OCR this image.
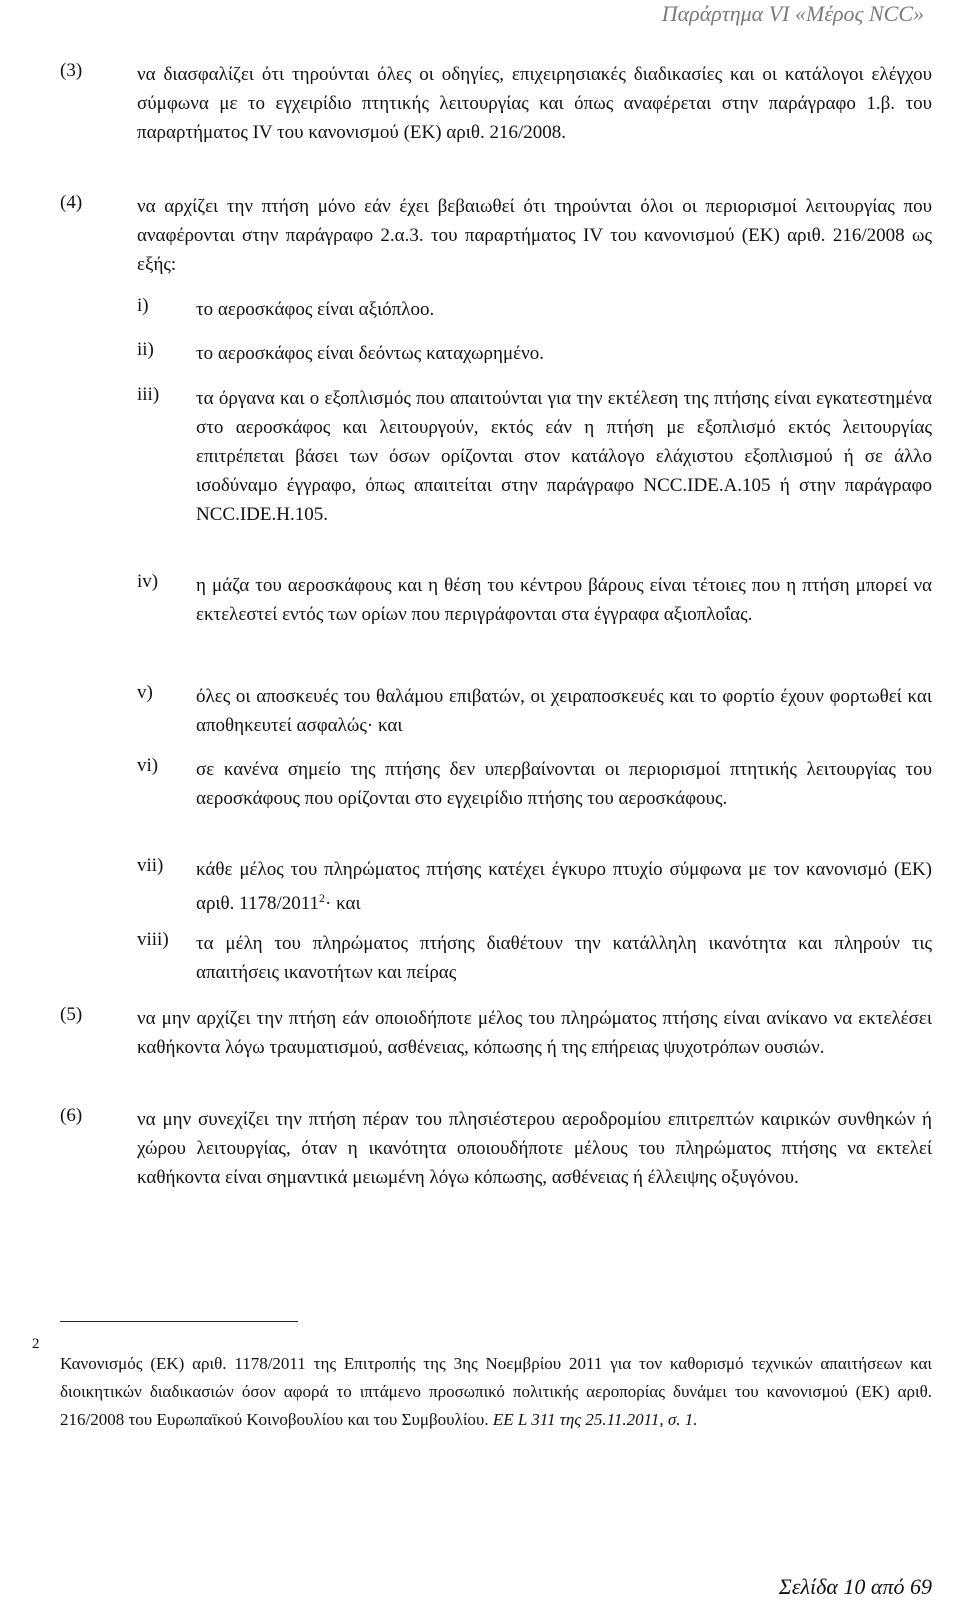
Παράρτημα VI «Μέρος NCC»
(3)	να διασφαλίζει ότι τηρούνται όλες οι οδηγίες, επιχειρησιακές διαδικασίες και οι κατάλογοι ελέγχου σύμφωνα με το εγχειρίδιο πτητικής λειτουργίας και όπως αναφέρεται στην παράγραφο 1.β. του παραρτήματος IV του κανονισμού (ΕΚ) αριθ. 216/2008.
(4)	να αρχίζει την πτήση μόνο εάν έχει βεβαιωθεί ότι τηρούνται όλοι οι περιορισμοί λειτουργίας που αναφέρονται στην παράγραφο 2.α.3. του παραρτήματος IV του κανονισμού (ΕΚ) αριθ. 216/2008 ως εξής:
i) το αεροσκάφος είναι αξιόπλοο.
ii) το αεροσκάφος είναι δεόντως καταχωρημένο.
iii) τα όργανα και ο εξοπλισμός που απαιτούνται για την εκτέλεση της πτήσης είναι εγκατεστημένα στο αεροσκάφος και λειτουργούν, εκτός εάν η πτήση με εξοπλισμό εκτός λειτουργίας επιτρέπεται βάσει των όσων ορίζονται στον κατάλογο ελάχιστου εξοπλισμού ή σε άλλο ισοδύναμο έγγραφο, όπως απαιτείται στην παράγραφο NCC.IDE.A.105 ή στην παράγραφο NCC.IDE.H.105.
iv) η μάζα του αεροσκάφους και η θέση του κέντρου βάρους είναι τέτοιες που η πτήση μπορεί να εκτελεστεί εντός των ορίων που περιγράφονται στα έγγραφα αξιοπλοΐας.
v) όλες οι αποσκευές του θαλάμου επιβατών, οι χειραποσκευές και το φορτίο έχουν φορτωθεί και αποθηκευτεί ασφαλώς· και
vi) σε κανένα σημείο της πτήσης δεν υπερβαίνονται οι περιορισμοί πτητικής λειτουργίας του αεροσκάφους που ορίζονται στο εγχειρίδιο πτήσης του αεροσκάφους.
vii) κάθε μέλος του πληρώματος πτήσης κατέχει έγκυρο πτυχίο σύμφωνα με τον κανονισμό (ΕΚ) αριθ. $1178/2011^2\cdot \kappa\alpha\iota$
viii) τα μέλη του πληρώματος πτήσης διαθέτουν την κατάλληλη ικανότητα και πληρούν τις απαιτήσεις ικανοτήτων και πείρας
(5)	να μην αρχίζει την πτήση εάν οποιοδήποτε μέλος του πληρώματος πτήσης είναι ανίκανο να εκτελέσει καθήκοντα λόγω τραυματισμού, ασθένειας, κόπωσης ή της επήρειας ψυχοτρόπων ουσιών.
(6)	να μην συνεχίζει την πτήση πέραν του πλησιέστερου αεροδρομίου επιτρεπτών καιρικών συνθηκών ή χώρου λειτουργίας, όταν η ικανότητα οποιουδήποτε μέλους του πληρώματος πτήσης να εκτελεί καθήκοντα είναι σημαντικά μειωμένη λόγω κόπωσης, ασθένειας ή έλλειψης οξυγόνου.
2
Κανονισμός (ΕΚ) αριθ. 1178/2011 της Επιτροπής της 3ης Νοεμβρίου 2011 για τον καθορισμό τεχνικών απαιτήσεων και διοικητικών διαδικασιών όσον αφορά το ιπτάμενο προσωπικό πολιτικής αεροπορίας δυνάμει του κανονισμού (ΕΚ) αριθ. 216/2008 του Ευρωπαϊκού Κοινοβουλίου και του Συμβουλίου. ΕΕ L 311 της 25.11.2011, σ. 1.
Σελίδα 10 από 69
